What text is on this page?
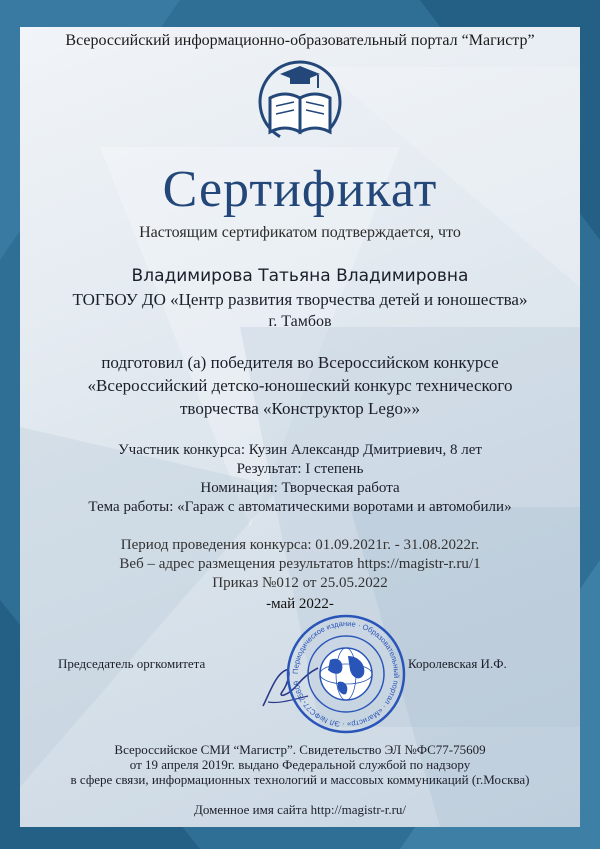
Всероссийский информационно-образовательный портал “Магистр”
Сертификат
Настоящим сертификатом подтверждается, что
Владимирова Татьяна Владимировна
ТОГБОУ ДО «Центр развития творчества детей и юношества»
г. Тамбов
подготовил (а) победителя во Всероссийском конкурсе
«Всероссийский детско-юношеский конкурс технического
творчества «Конструктор Lego»»
Участник конкурса: Кузин Александр Дмитриевич, 8 лет
Результат: I степень
Номинация: Творческая работа
Тема работы: «Гараж с автоматическими воротами и автомобили»
Период проведения конкурса: 01.09.2021г. - 31.08.2022г.
Веб – адрес размещения результатов https://magistr-r.ru/1
Приказ №012 от 25.05.2022
-май 2022-
Председатель оргкомитета	Королевская И.Ф.
Периодическое издание · Образовательный портал · «Магистр» · ЭЛ №ФС77-75609
Всероссийское СМИ “Магистр”. Свидетельство ЭЛ №ФС77-75609
от 19 апреля 2019г. выдано Федеральной службой по надзору
в сфере связи, информационных технологий и массовых коммуникаций (г.Москва)
Доменное имя сайта http://magistr-r.ru/
